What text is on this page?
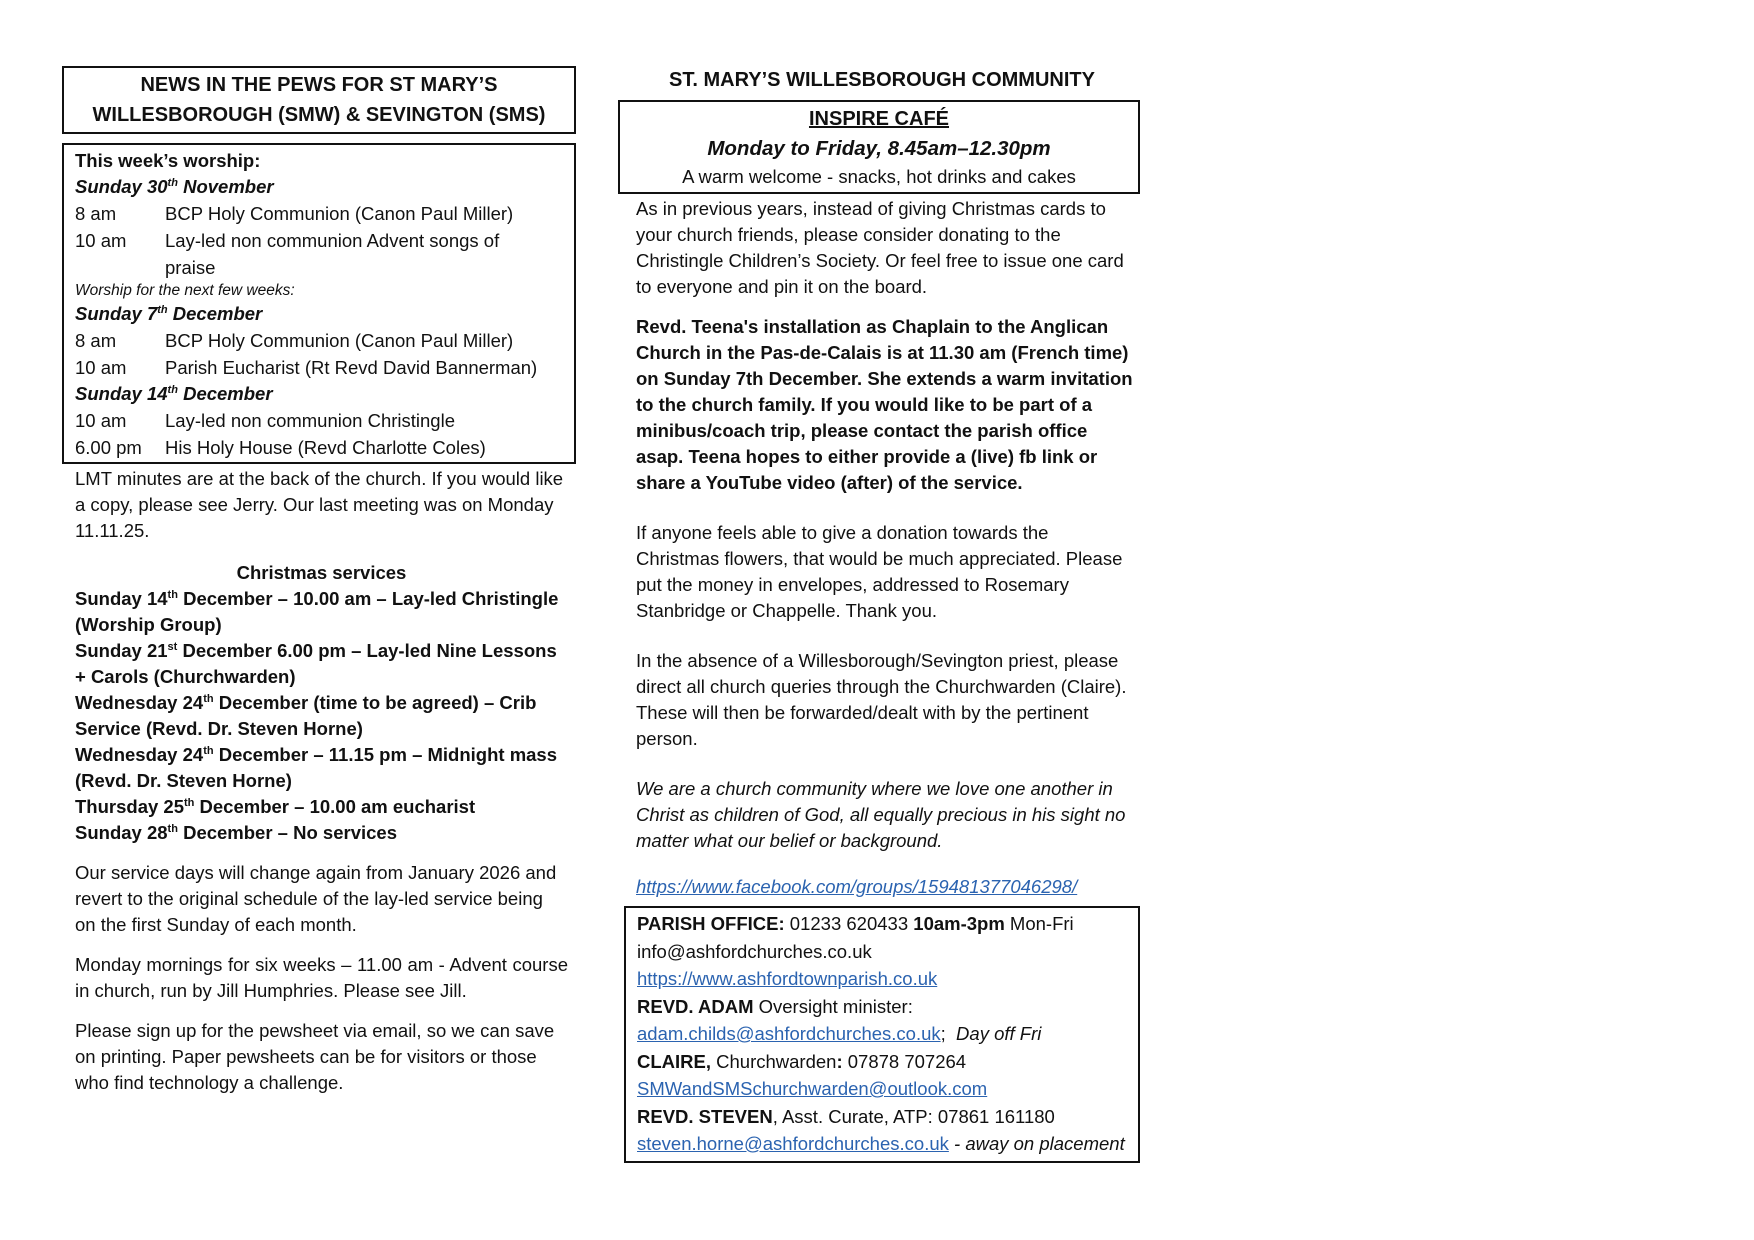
NEWS IN THE PEWS FOR ST MARY’S
WILLESBOROUGH (SMW) & SEVINGTON (SMS)
This week’s worship:
Sunday 30th November
8 am	BCP Holy Communion (Canon Paul Miller)
10 am	Lay-led non communion Advent songs of praise
Worship for the next few weeks:
Sunday 7th December
8 am	BCP Holy Communion (Canon Paul Miller)
10 am	Parish Eucharist (Rt Revd David Bannerman)
Sunday 14th December
10 am	Lay-led non communion Christingle
6.00 pm	His Holy House (Revd Charlotte Coles)
LMT minutes are at the back of the church. If you would like a copy, please see Jerry. Our last meeting was on Monday 11.11.25.
Christmas services
Sunday 14th December – 10.00 am – Lay-led Christingle (Worship Group)
Sunday 21st December 6.00 pm – Lay-led Nine Lessons + Carols (Churchwarden)
Wednesday 24th December (time to be agreed) – Crib Service (Revd. Dr. Steven Horne)
Wednesday 24th December – 11.15 pm – Midnight mass (Revd. Dr. Steven Horne)
Thursday 25th December – 10.00 am eucharist
Sunday 28th December – No services
Our service days will change again from January 2026 and revert to the original schedule of the lay-led service being on the first Sunday of each month.
Monday mornings for six weeks – 11.00 am - Advent course in church, run by Jill Humphries. Please see Jill.
Please sign up for the pewsheet via email, so we can save on printing. Paper pewsheets can be for visitors or those who find technology a challenge.
ST. MARY’S WILLESBOROUGH COMMUNITY
INSPIRE CAFÉ
Monday to Friday, 8.45am–12.30pm
A warm welcome - snacks, hot drinks and cakes
As in previous years, instead of giving Christmas cards to your church friends, please consider donating to the Christingle Children’s Society. Or feel free to issue one card to everyone and pin it on the board.
Revd. Teena's installation as Chaplain to the Anglican Church in the Pas-de-Calais is at 11.30 am (French time) on Sunday 7th December. She extends a warm invitation to the church family. If you would like to be part of a minibus/coach trip, please contact the parish office asap. Teena hopes to either provide a (live) fb link or share a YouTube video (after) of the service.
If anyone feels able to give a donation towards the Christmas flowers, that would be much appreciated. Please put the money in envelopes, addressed to Rosemary Stanbridge or Chappelle. Thank you.
In the absence of a Willesborough/Sevington priest, please direct all church queries through the Churchwarden (Claire). These will then be forwarded/dealt with by the pertinent person.
We are a church community where we love one another in Christ as children of God, all equally precious in his sight no matter what our belief or background.
https://www.facebook.com/groups/159481377046298/
PARISH OFFICE: 01233 620433 10am-3pm Mon-Fri
info@ashfordchurches.co.uk
https://www.ashfordtownparish.co.uk
REVD. ADAM Oversight minister:
adam.childs@ashfordchurches.co.uk;  Day off Fri
CLAIRE, Churchwarden: 07878 707264
SMWandSMSchurchwarden@outlook.com
REVD. STEVEN, Asst. Curate, ATP: 07861 161180
steven.horne@ashfordchurches.co.uk - away on placement
